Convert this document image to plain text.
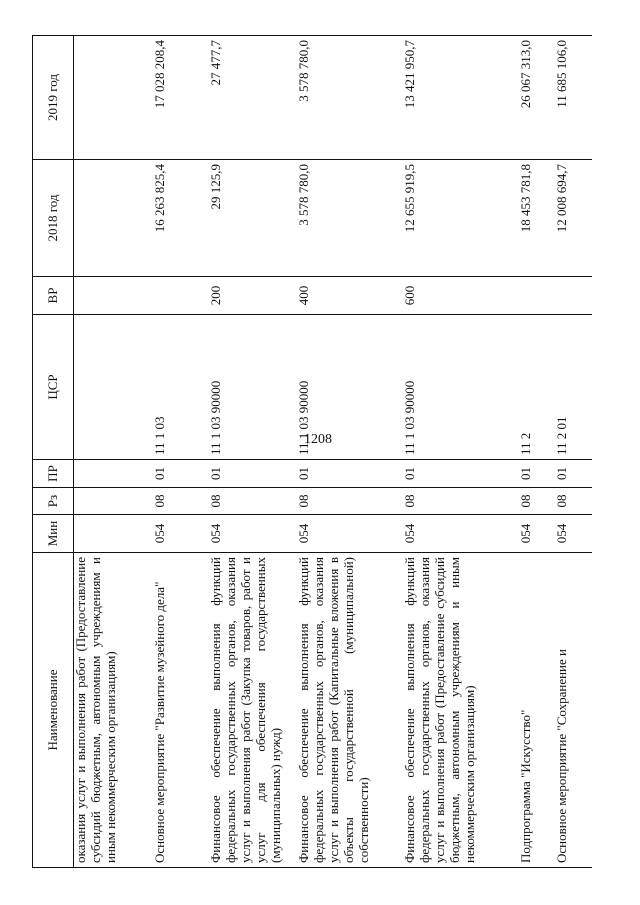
1208
Наименование	Мин	Рз	ПР	ЦСР	ВР	2018 год	2019 год
оказания услуг и выполнения работ (Предоставление субсидий бюджетным, автономным учреждениям и иным некоммерческим организациям)							
Основное мероприятие "Развитие музейного дела"	054	08	01	11 1 03		16 263 825,4	17 028 208,4
Финансовое обеспечение выполнения функций федеральных государственных органов, оказания услуг и выполнения работ (Закупка товаров, работ и услуг для обеспечения государственных (муниципальных) нужд)	054	08	01	11 1 03 90000	200	29 125,9	27 477,7
Финансовое обеспечение выполнения функций федеральных государственных органов, оказания услуг и выполнения работ (Капитальные вложения в объекты государственной (муниципальной) собственности)	054	08	01	11 1 03 90000	400	3 578 780,0	3 578 780,0
Финансовое обеспечение выполнения функций федеральных государственных органов, оказания услуг и выполнения работ (Предоставление субсидий бюджетным, автономным учреждениям и иным некоммерческим организациям)	054	08	01	11 1 03 90000	600	12 655 919,5	13 421 950,7
Подпрограмма "Искусство"	054	08	01	11 2		18 453 781,8	26 067 313,0
Основное мероприятие "Сохранение и	054	08	01	11 2 01		12 008 694,7	11 685 106,0
